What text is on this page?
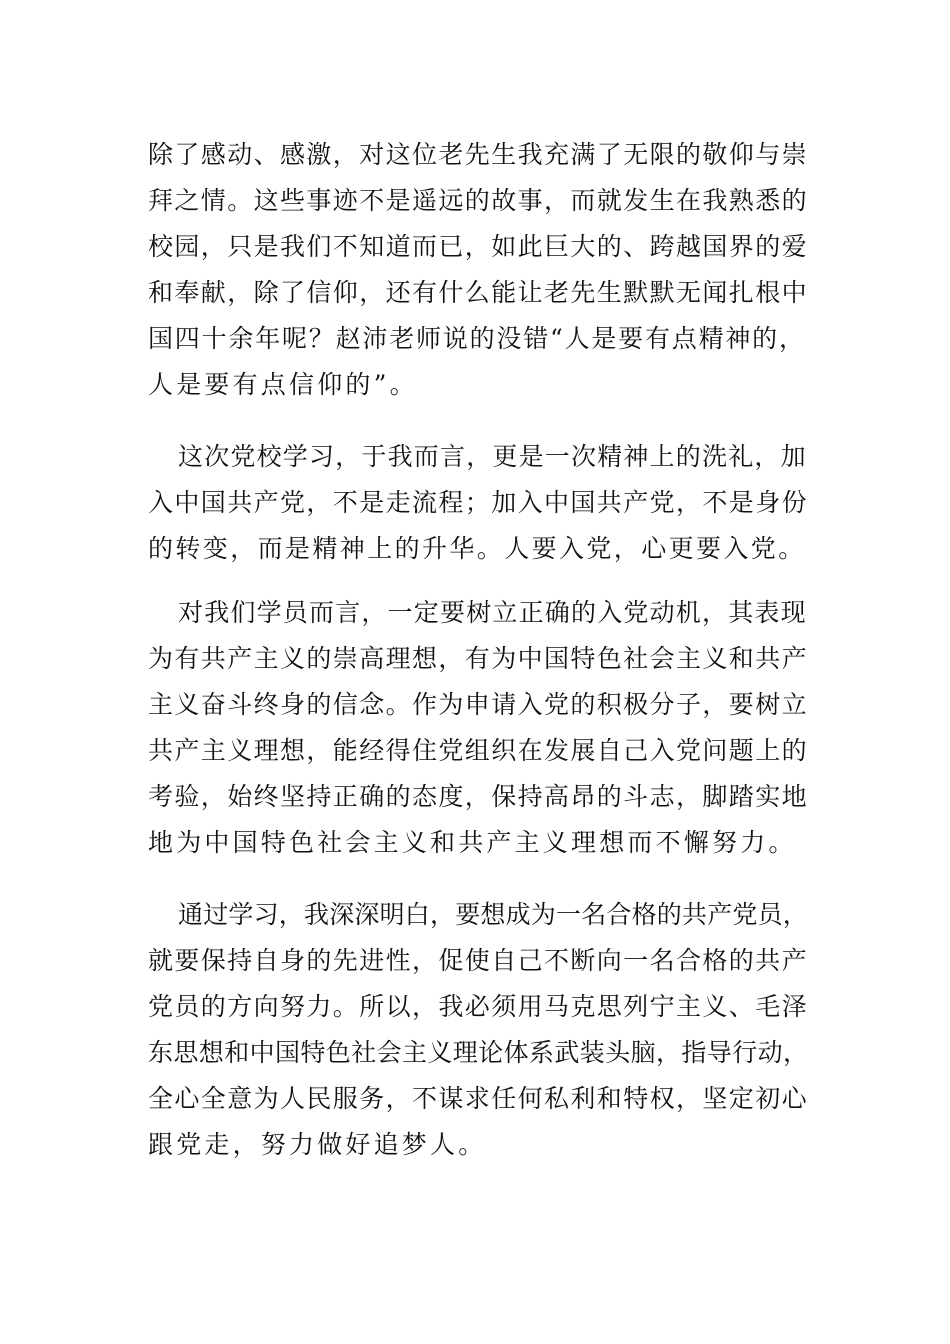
除了感动、感激，对这位老先生我充满了无限的敬仰与崇
拜之情。这些事迹不是遥远的故事，而就发生在我熟悉的
校园，只是我们不知道而已，如此巨大的、跨越国界的爱
和奉献，除了信仰，还有什么能让老先生默默无闻扎根中
国四十余年呢？赵沛老师说的没错“人是要有点精神的，
人是要有点信仰的”。
这次党校学习，于我而言，更是一次精神上的洗礼，加
入中国共产党，不是走流程；加入中国共产党，不是身份
的转变，而是精神上的升华。人要入党，心更要入党。
对我们学员而言，一定要树立正确的入党动机，其表现
为有共产主义的崇高理想，有为中国特色社会主义和共产
主义奋斗终身的信念。作为申请入党的积极分子，要树立
共产主义理想，能经得住党组织在发展自己入党问题上的
考验，始终坚持正确的态度，保持高昂的斗志，脚踏实地
地为中国特色社会主义和共产主义理想而不懈努力。
通过学习，我深深明白，要想成为一名合格的共产党员，
就要保持自身的先进性，促使自己不断向一名合格的共产
党员的方向努力。所以，我必须用马克思列宁主义、毛泽
东思想和中国特色社会主义理论体系武装头脑，指导行动，
全心全意为人民服务，不谋求任何私利和特权，坚定初心
跟党走，努力做好追梦人。
